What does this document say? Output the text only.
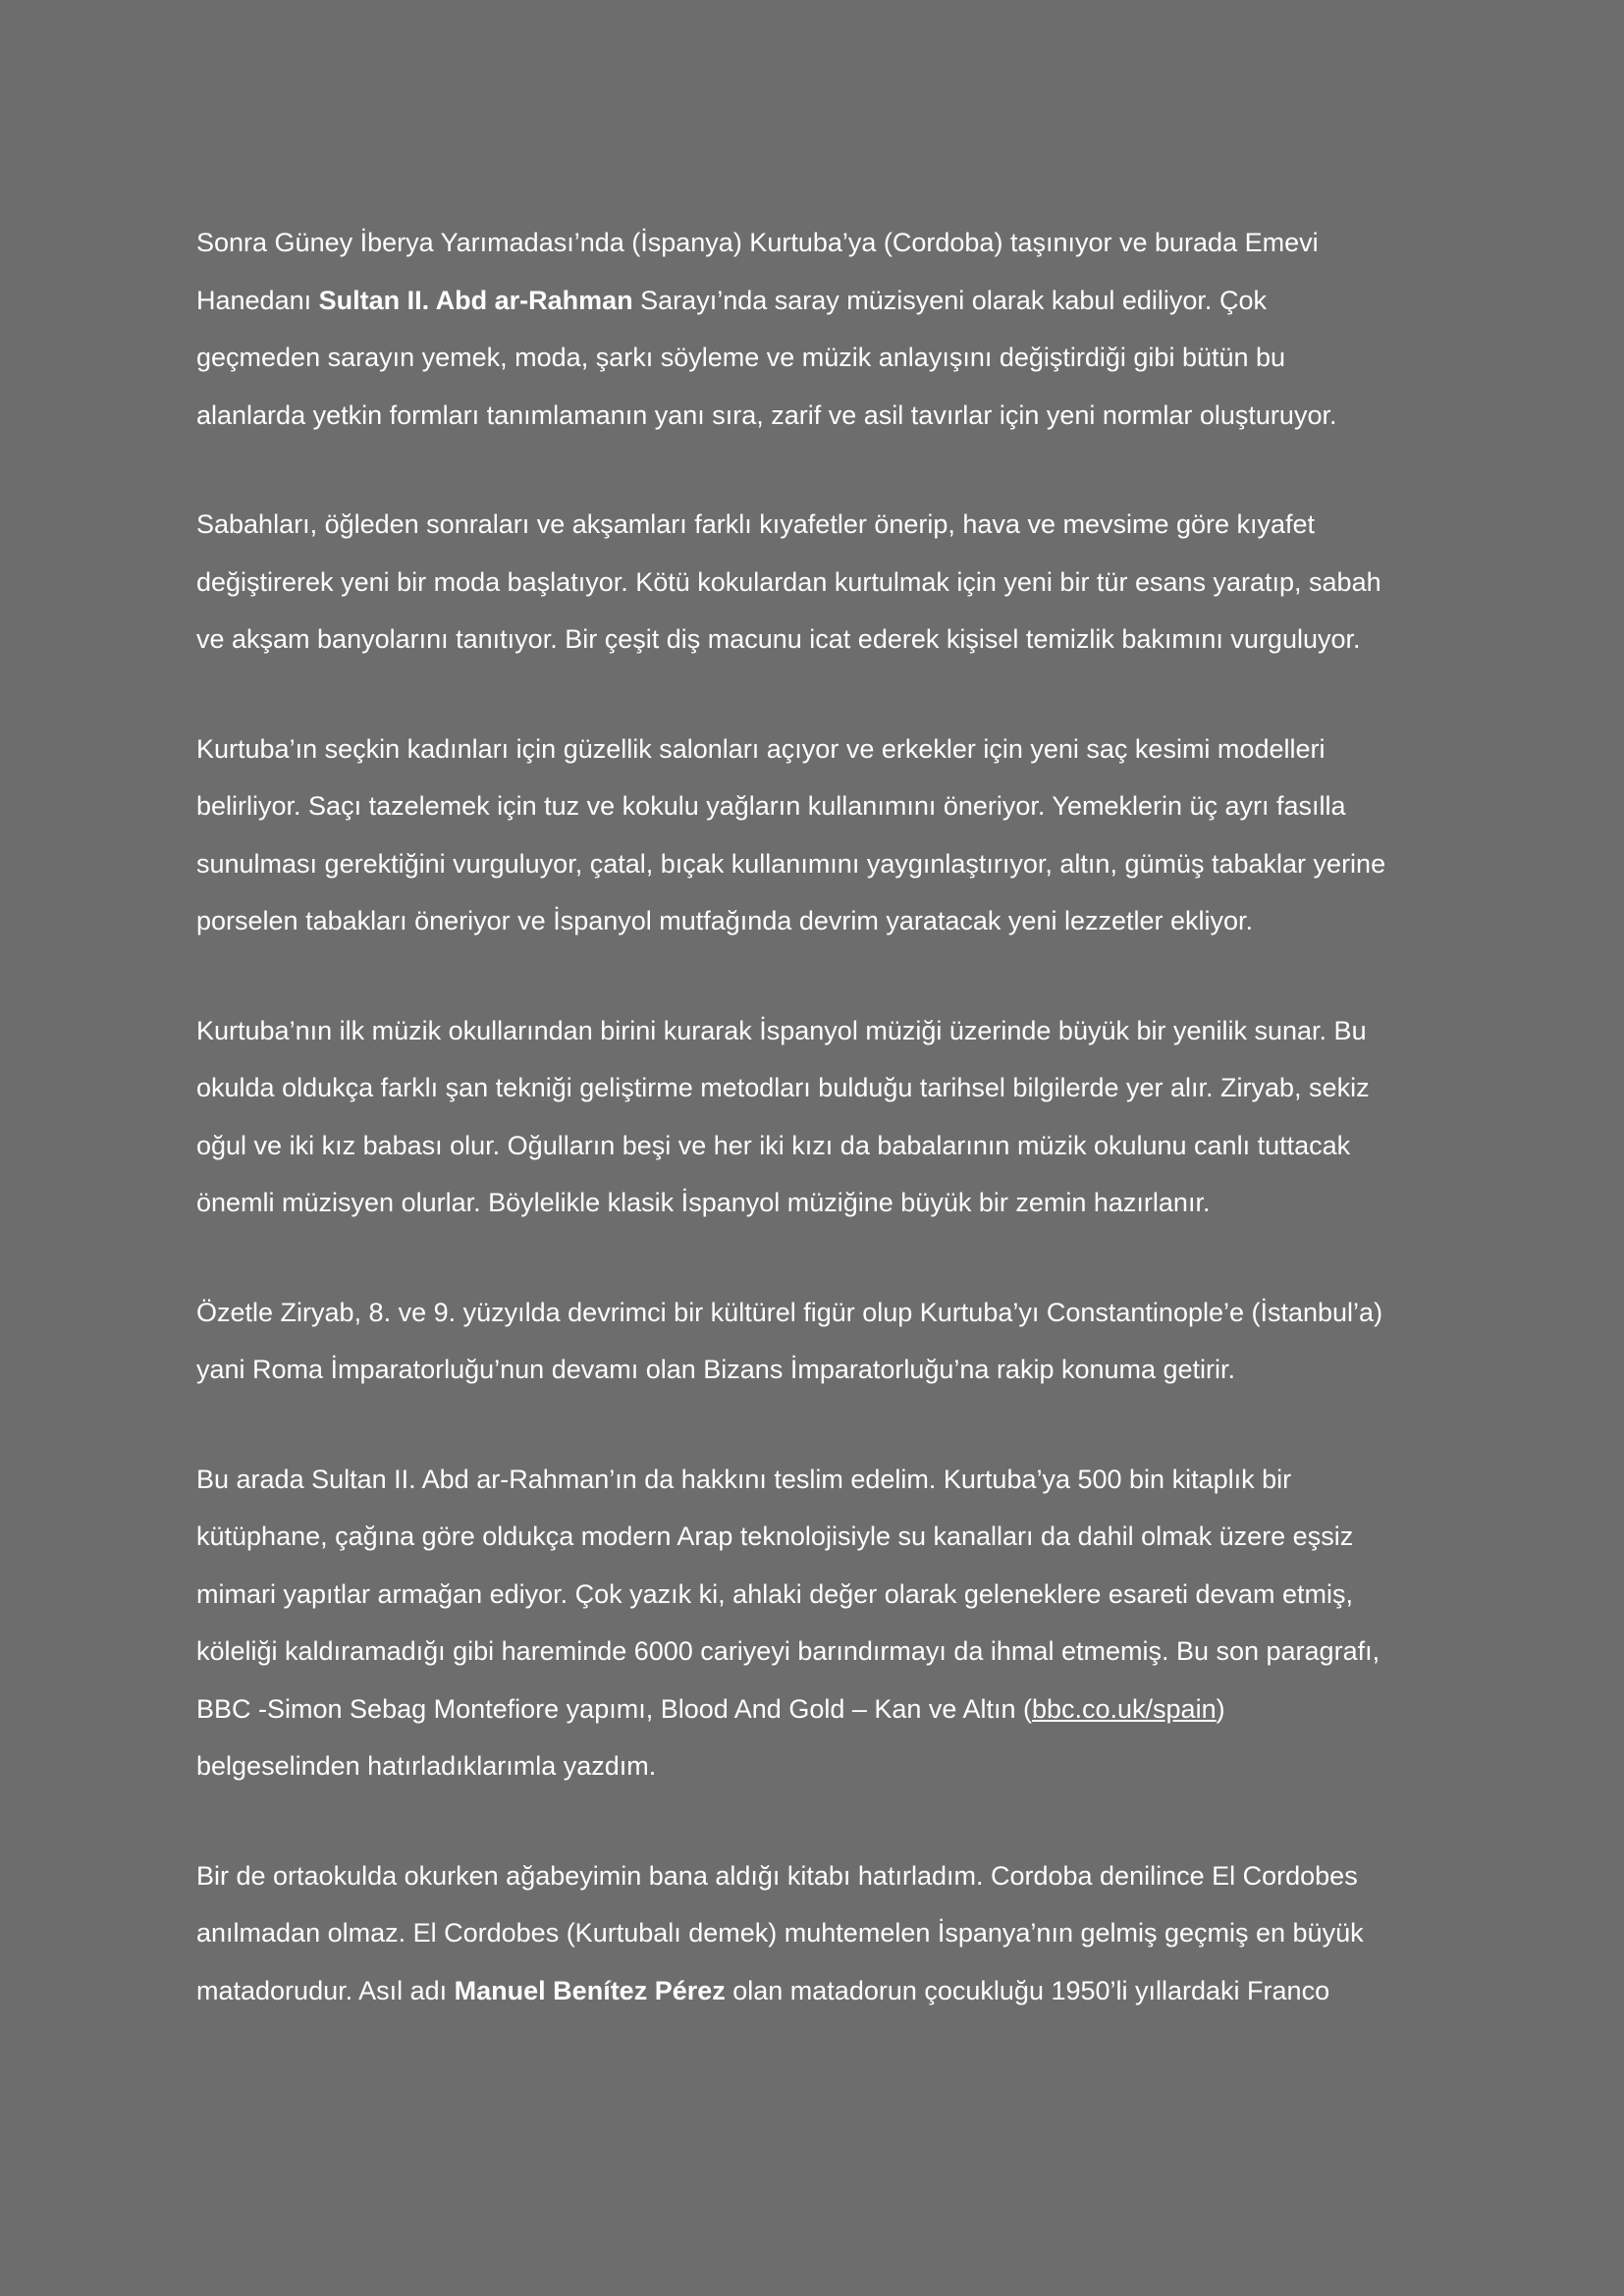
Sonra Güney İberya Yarımadası’nda (İspanya) Kurtuba’ya (Cordoba) taşınıyor ve burada Emevi
Hanedanı Sultan II. Abd ar-Rahman Sarayı’nda saray müzisyeni olarak kabul ediliyor. Çok
geçmeden sarayın yemek, moda, şarkı söyleme ve müzik anlayışını değiştirdiği gibi bütün bu
alanlarda yetkin formları tanımlamanın yanı sıra, zarif ve asil tavırlar için yeni normlar oluşturuyor.
Sabahları, öğleden sonraları ve akşamları farklı kıyafetler önerip, hava ve mevsime göre kıyafet
değiştirerek yeni bir moda başlatıyor. Kötü kokulardan kurtulmak için yeni bir tür esans yaratıp, sabah
ve akşam banyolarını tanıtıyor. Bir çeşit diş macunu icat ederek kişisel temizlik bakımını vurguluyor.
Kurtuba’ın seçkin kadınları için güzellik salonları açıyor ve erkekler için yeni saç kesimi modelleri
belirliyor. Saçı tazelemek için tuz ve kokulu yağların kullanımını öneriyor. Yemeklerin üç ayrı fasılla
sunulması gerektiğini vurguluyor, çatal, bıçak kullanımını yaygınlaştırıyor, altın, gümüş tabaklar yerine
porselen tabakları öneriyor ve İspanyol mutfağında devrim yaratacak yeni lezzetler ekliyor.
Kurtuba’nın ilk müzik okullarından birini kurarak İspanyol müziği üzerinde büyük bir yenilik sunar. Bu
okulda oldukça farklı şan tekniği geliştirme metodları bulduğu tarihsel bilgilerde yer alır. Ziryab, sekiz
oğul ve iki kız babası olur. Oğulların beşi ve her iki kızı da babalarının müzik okulunu canlı tuttacak
önemli müzisyen olurlar. Böylelikle klasik İspanyol müziğine büyük bir zemin hazırlanır.
Özetle Ziryab, 8. ve 9. yüzyılda devrimci bir kültürel figür olup Kurtuba’yı Constantinople’e (İstanbul’a)
yani Roma İmparatorluğu’nun devamı olan Bizans İmparatorluğu’na rakip konuma getirir.
Bu arada Sultan II. Abd ar-Rahman’ın da hakkını teslim edelim. Kurtuba’ya 500 bin kitaplık bir
kütüphane, çağına göre oldukça modern Arap teknolojisiyle su kanalları da dahil olmak üzere eşsiz
mimari yapıtlar armağan ediyor. Çok yazık ki, ahlaki değer olarak geleneklere esareti devam etmiş,
köleliği kaldıramadığı gibi hareminde 6000 cariyeyi barındırmayı da ihmal etmemiş. Bu son paragrafı,
BBC -Simon Sebag Montefiore yapımı, Blood And Gold – Kan ve Altın (bbc.co.uk/spain)
belgeselinden hatırladıklarımla yazdım.
Bir de ortaokulda okurken ağabeyimin bana aldığı kitabı hatırladım. Cordoba denilince El Cordobes
anılmadan olmaz. El Cordobes (Kurtubalı demek) muhtemelen İspanya’nın gelmiş geçmiş en büyük
matadorudur. Asıl adı Manuel Benítez Pérez olan matadorun çocukluğu 1950’li yıllardaki Franco
